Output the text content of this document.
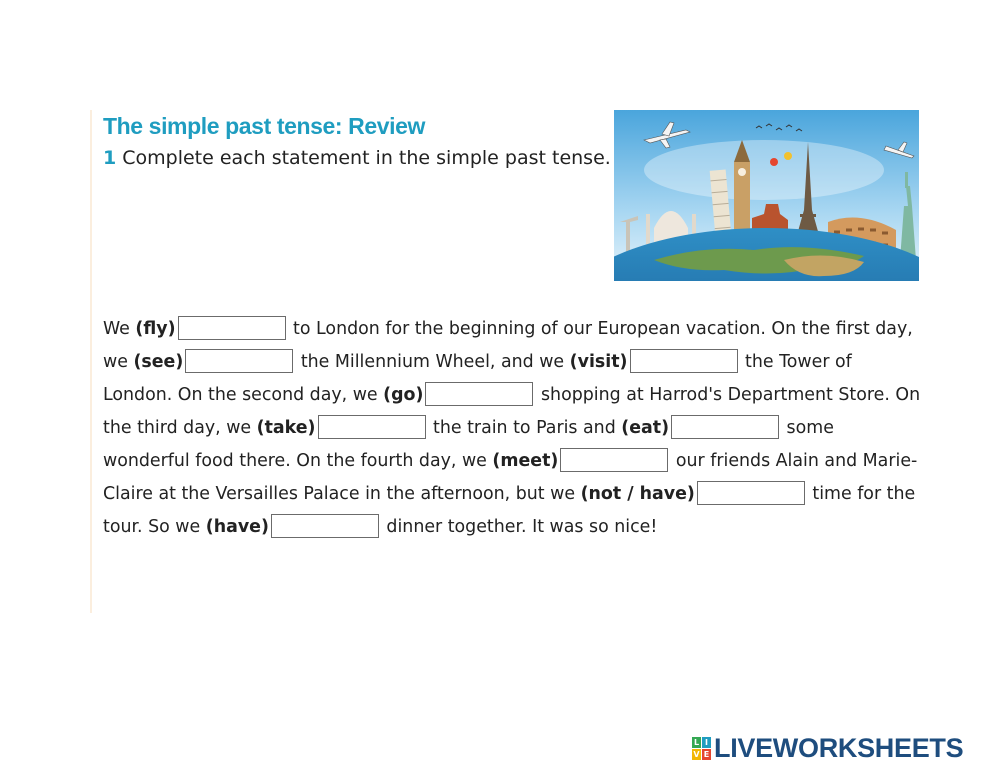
The simple past tense: Review
1 Complete each statement in the simple past tense.
We (fly)	to London for the beginning of our European vacation. On the first day, we (see)	the Millennium Wheel, and we (visit)	the Tower of London. On the second day, we (go)	shopping at Harrod's Department Store. On the third day, we (take)	the train to Paris and (eat)	some wonderful food there. On the fourth day, we (meet)	our friends Alain and Marie-Claire at the Versailles Palace in the afternoon, but we (not / have)	time for the tour. So we (have)	dinner together. It was so nice!
L I
V E LIVEWORKSHEETS
